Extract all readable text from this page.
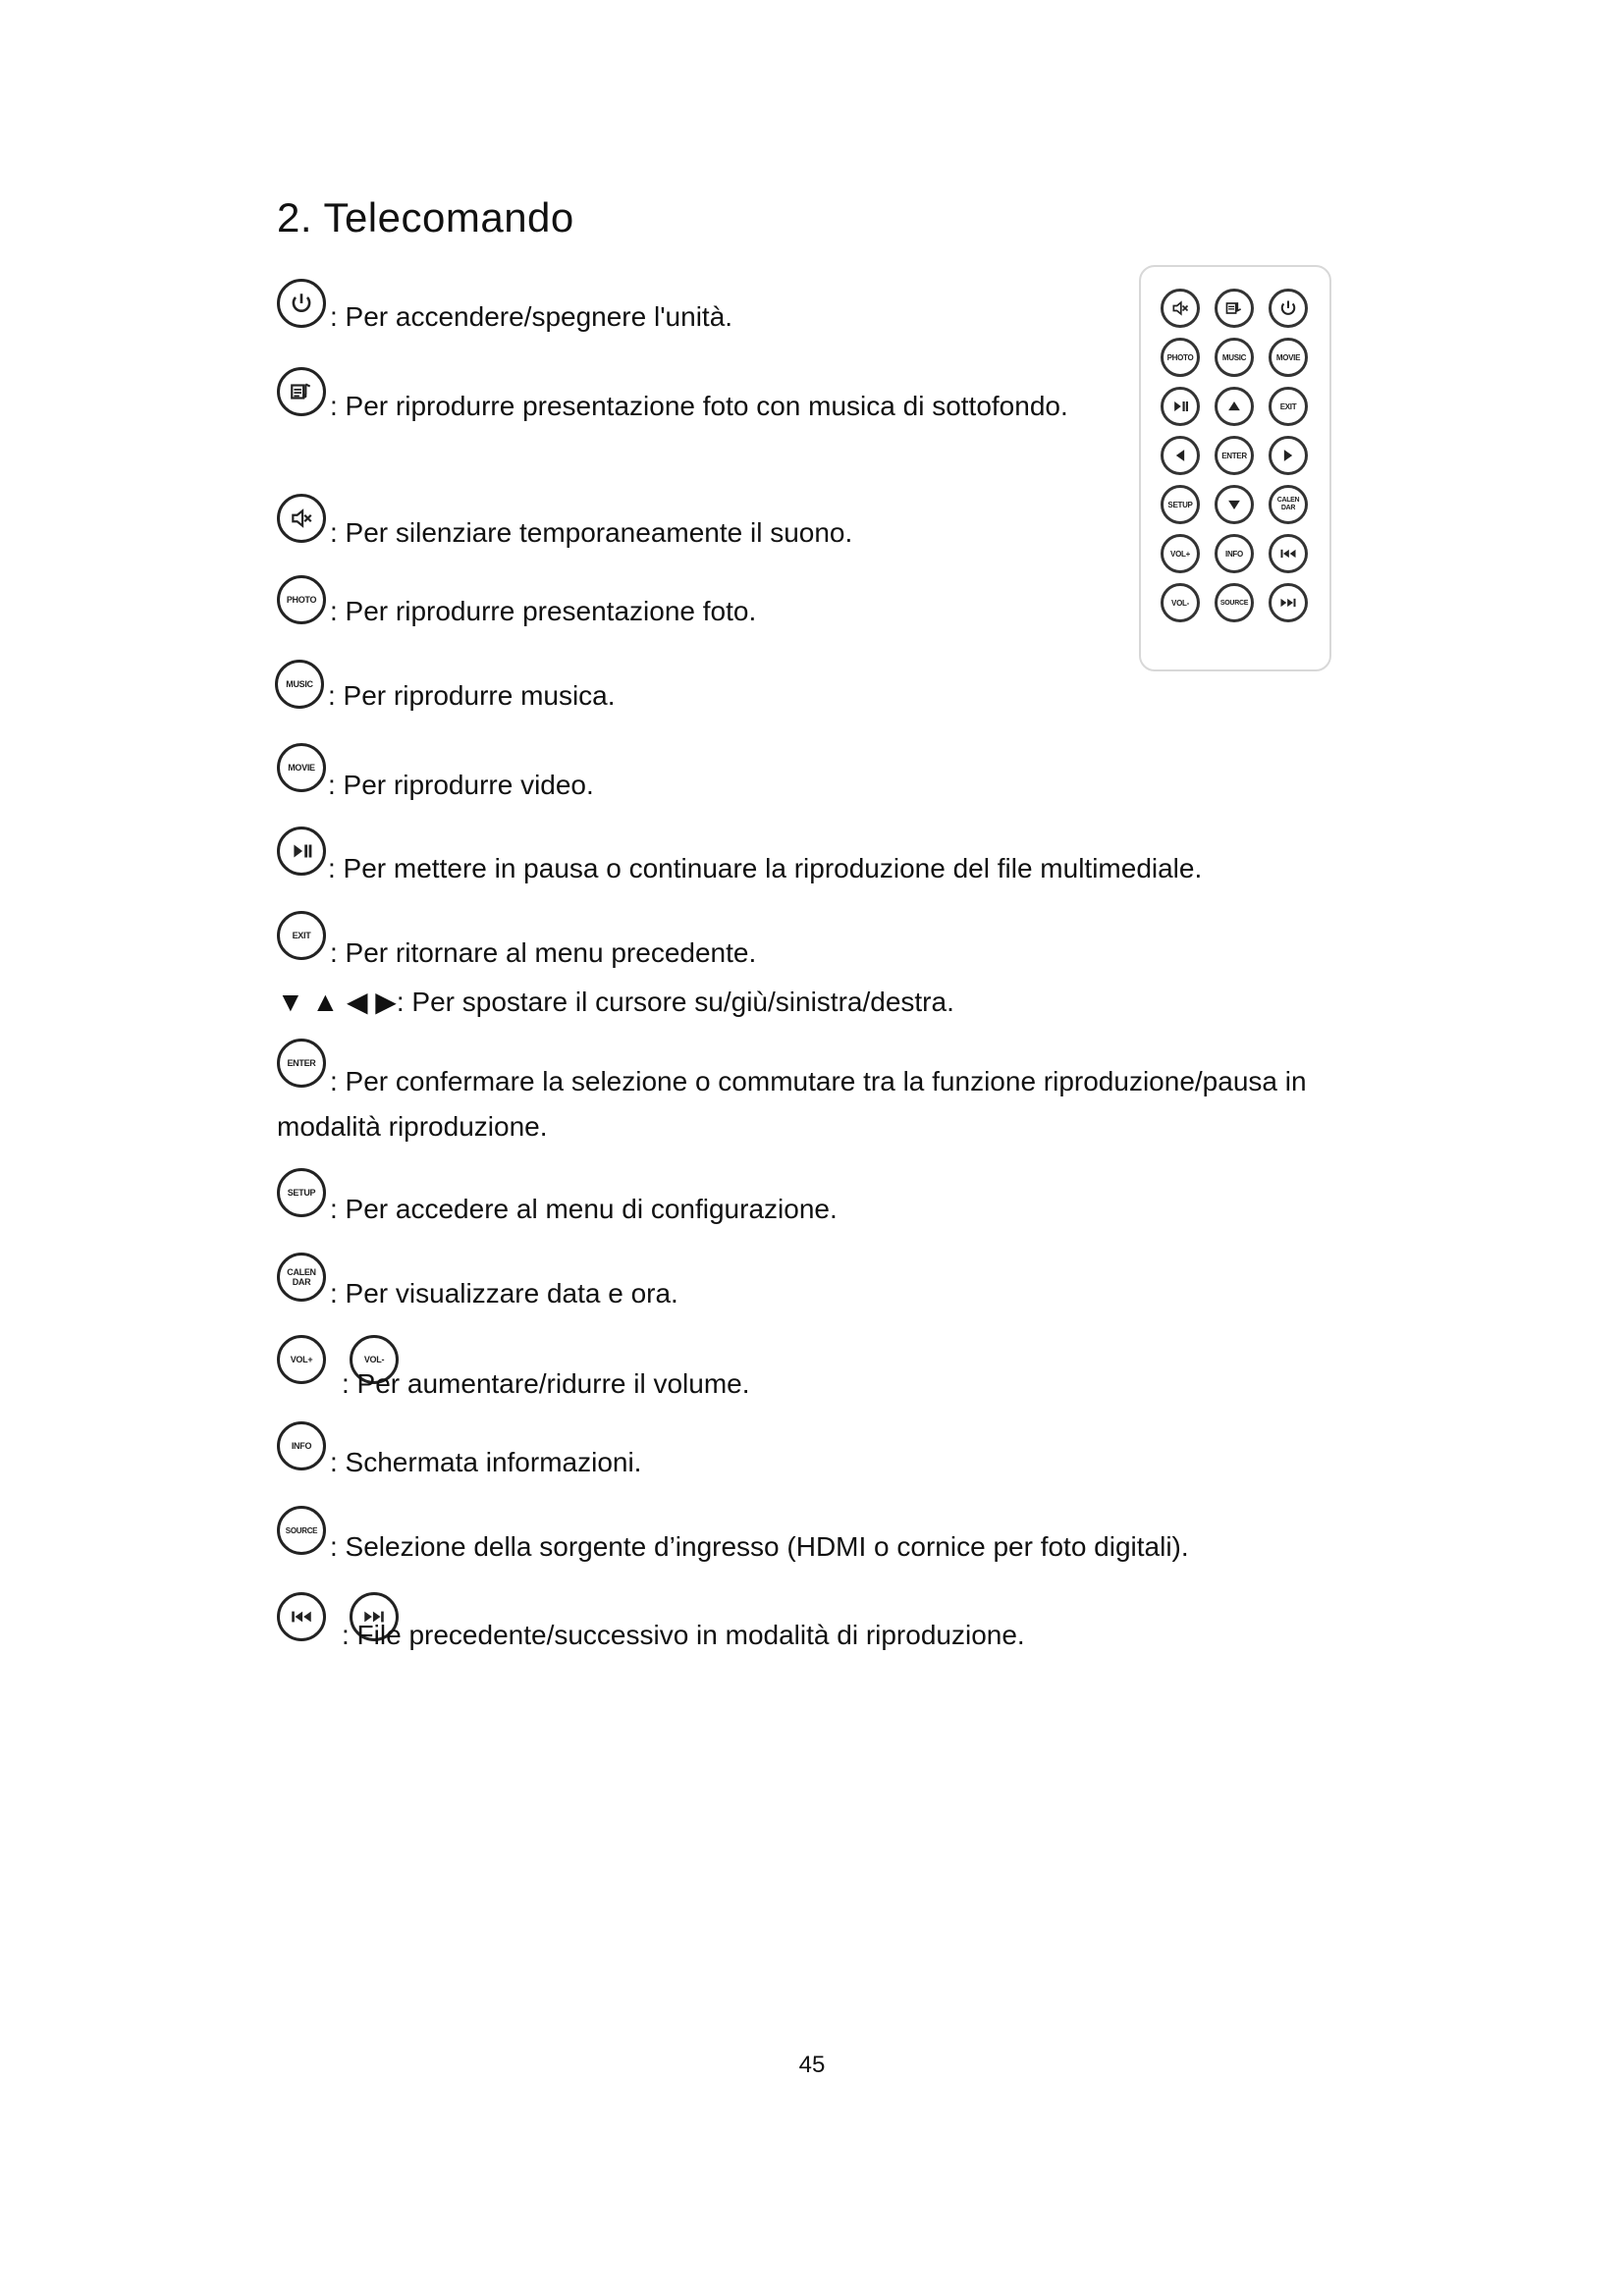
2. Telecomando
: Per accendere/spegnere l'unità.
: Per riprodurre presentazione foto con musica di sottofondo.
: Per silenziare temporaneamente il suono.
PHOTO : Per riprodurre presentazione foto.
MUSIC : Per riprodurre musica.
MOVIE
: Per riprodurre video.
: Per mettere in pausa o continuare la riproduzione del file multimediale.
EXIT
: Per ritornare al menu precedente.
▼ ▲ ◀ ▶: Per spostare il cursore su/giù/sinistra/destra.
ENTER
: Per confermare la selezione o commutare tra la funzione riproduzione/pausa in
modalità riproduzione.
SETUP
: Per accedere al menu di configurazione.
CALEN DAR : Per visualizzare data e ora.
VOL+	VOL-
: Per aumentare/ridurre il volume.
INFO
: Schermata informazioni.
SOURCE
: Selezione della sorgente d’ingresso (HDMI o cornice per foto digitali).
: File precedente/successivo in modalità di riproduzione.
PHOTO	MUSIC	MOVIE
EXIT
ENTER
SETUP	CALEN DAR
VOL+	INFO
VOL-	SOURCE
45
